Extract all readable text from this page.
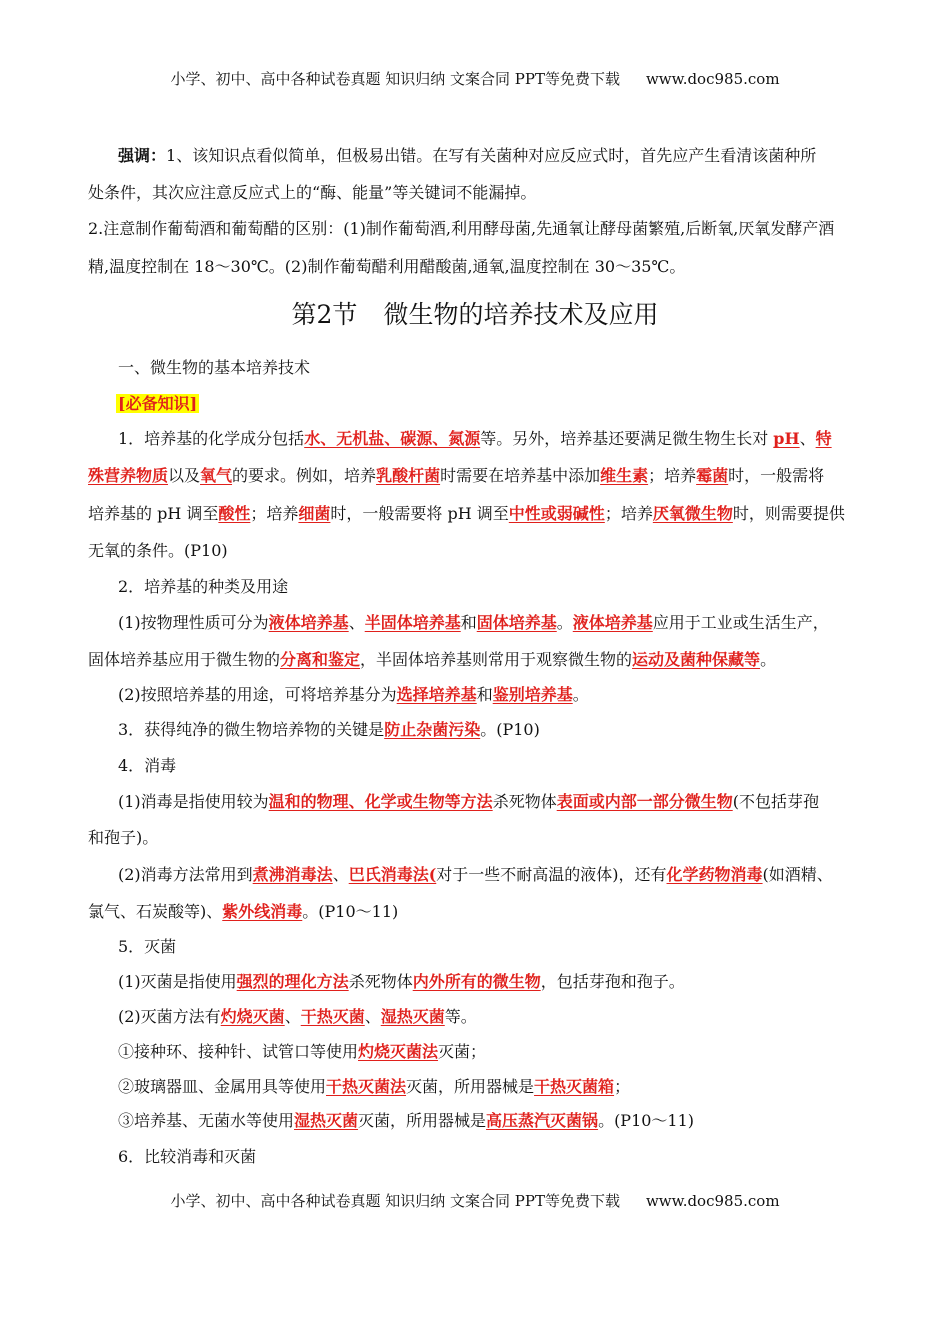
小学、初中、高中各种试卷真题 知识归纳 文案合同 PPT等免费下载 www.doc985.com
强调：1、该知识点看似简单，但极易出错。在写有关菌种对应反应式时，首先应产生看清该菌种所
处条件，其次应注意反应式上的“酶、能量”等关键词不能漏掉。
2.注意制作葡萄酒和葡萄醋的区别：(1)制作葡萄酒,利用酵母菌,先通氧让酵母菌繁殖,后断氧,厌氧发酵产酒
精,温度控制在 18～30℃。(2)制作葡萄醋利用醋酸菌,通氧,温度控制在 30～35℃。
第2节 微生物的培养技术及应用
一、微生物的基本培养技术
[必备知识]
1．培养基的化学成分包括水、无机盐、碳源、氮源等。另外，培养基还要满足微生物生长对 pH、特
殊营养物质以及氧气的要求。例如，培养乳酸杆菌时需要在培养基中添加维生素；培养霉菌时，一般需将
培养基的 pH 调至酸性；培养细菌时，一般需要将 pH 调至中性或弱碱性；培养厌氧微生物时，则需要提供
无氧的条件。(P10)
2．培养基的种类及用途
(1)按物理性质可分为液体培养基、半固体培养基和固体培养基。液体培养基应用于工业或生活生产，
固体培养基应用于微生物的分离和鉴定，半固体培养基则常用于观察微生物的运动及菌种保藏等。
(2)按照培养基的用途，可将培养基分为选择培养基和鉴别培养基。
3．获得纯净的微生物培养物的关键是防止杂菌污染。(P10)
4．消毒
(1)消毒是指使用较为温和的物理、化学或生物等方法杀死物体表面或内部一部分微生物(不包括芽孢
和孢子)。
(2)消毒方法常用到煮沸消毒法、巴氏消毒法(对于一些不耐高温的液体)，还有化学药物消毒(如酒精、
氯气、石炭酸等)、紫外线消毒。(P10～11)
5．灭菌
(1)灭菌是指使用强烈的理化方法杀死物体内外所有的微生物，包括芽孢和孢子。
(2)灭菌方法有灼烧灭菌、干热灭菌、湿热灭菌等。
①接种环、接种针、试管口等使用灼烧灭菌法灭菌；
②玻璃器皿、金属用具等使用干热灭菌法灭菌，所用器械是干热灭菌箱；
③培养基、无菌水等使用湿热灭菌灭菌，所用器械是高压蒸汽灭菌锅。(P10～11)
6．比较消毒和灭菌
小学、初中、高中各种试卷真题 知识归纳 文案合同 PPT等免费下载 www.doc985.com
